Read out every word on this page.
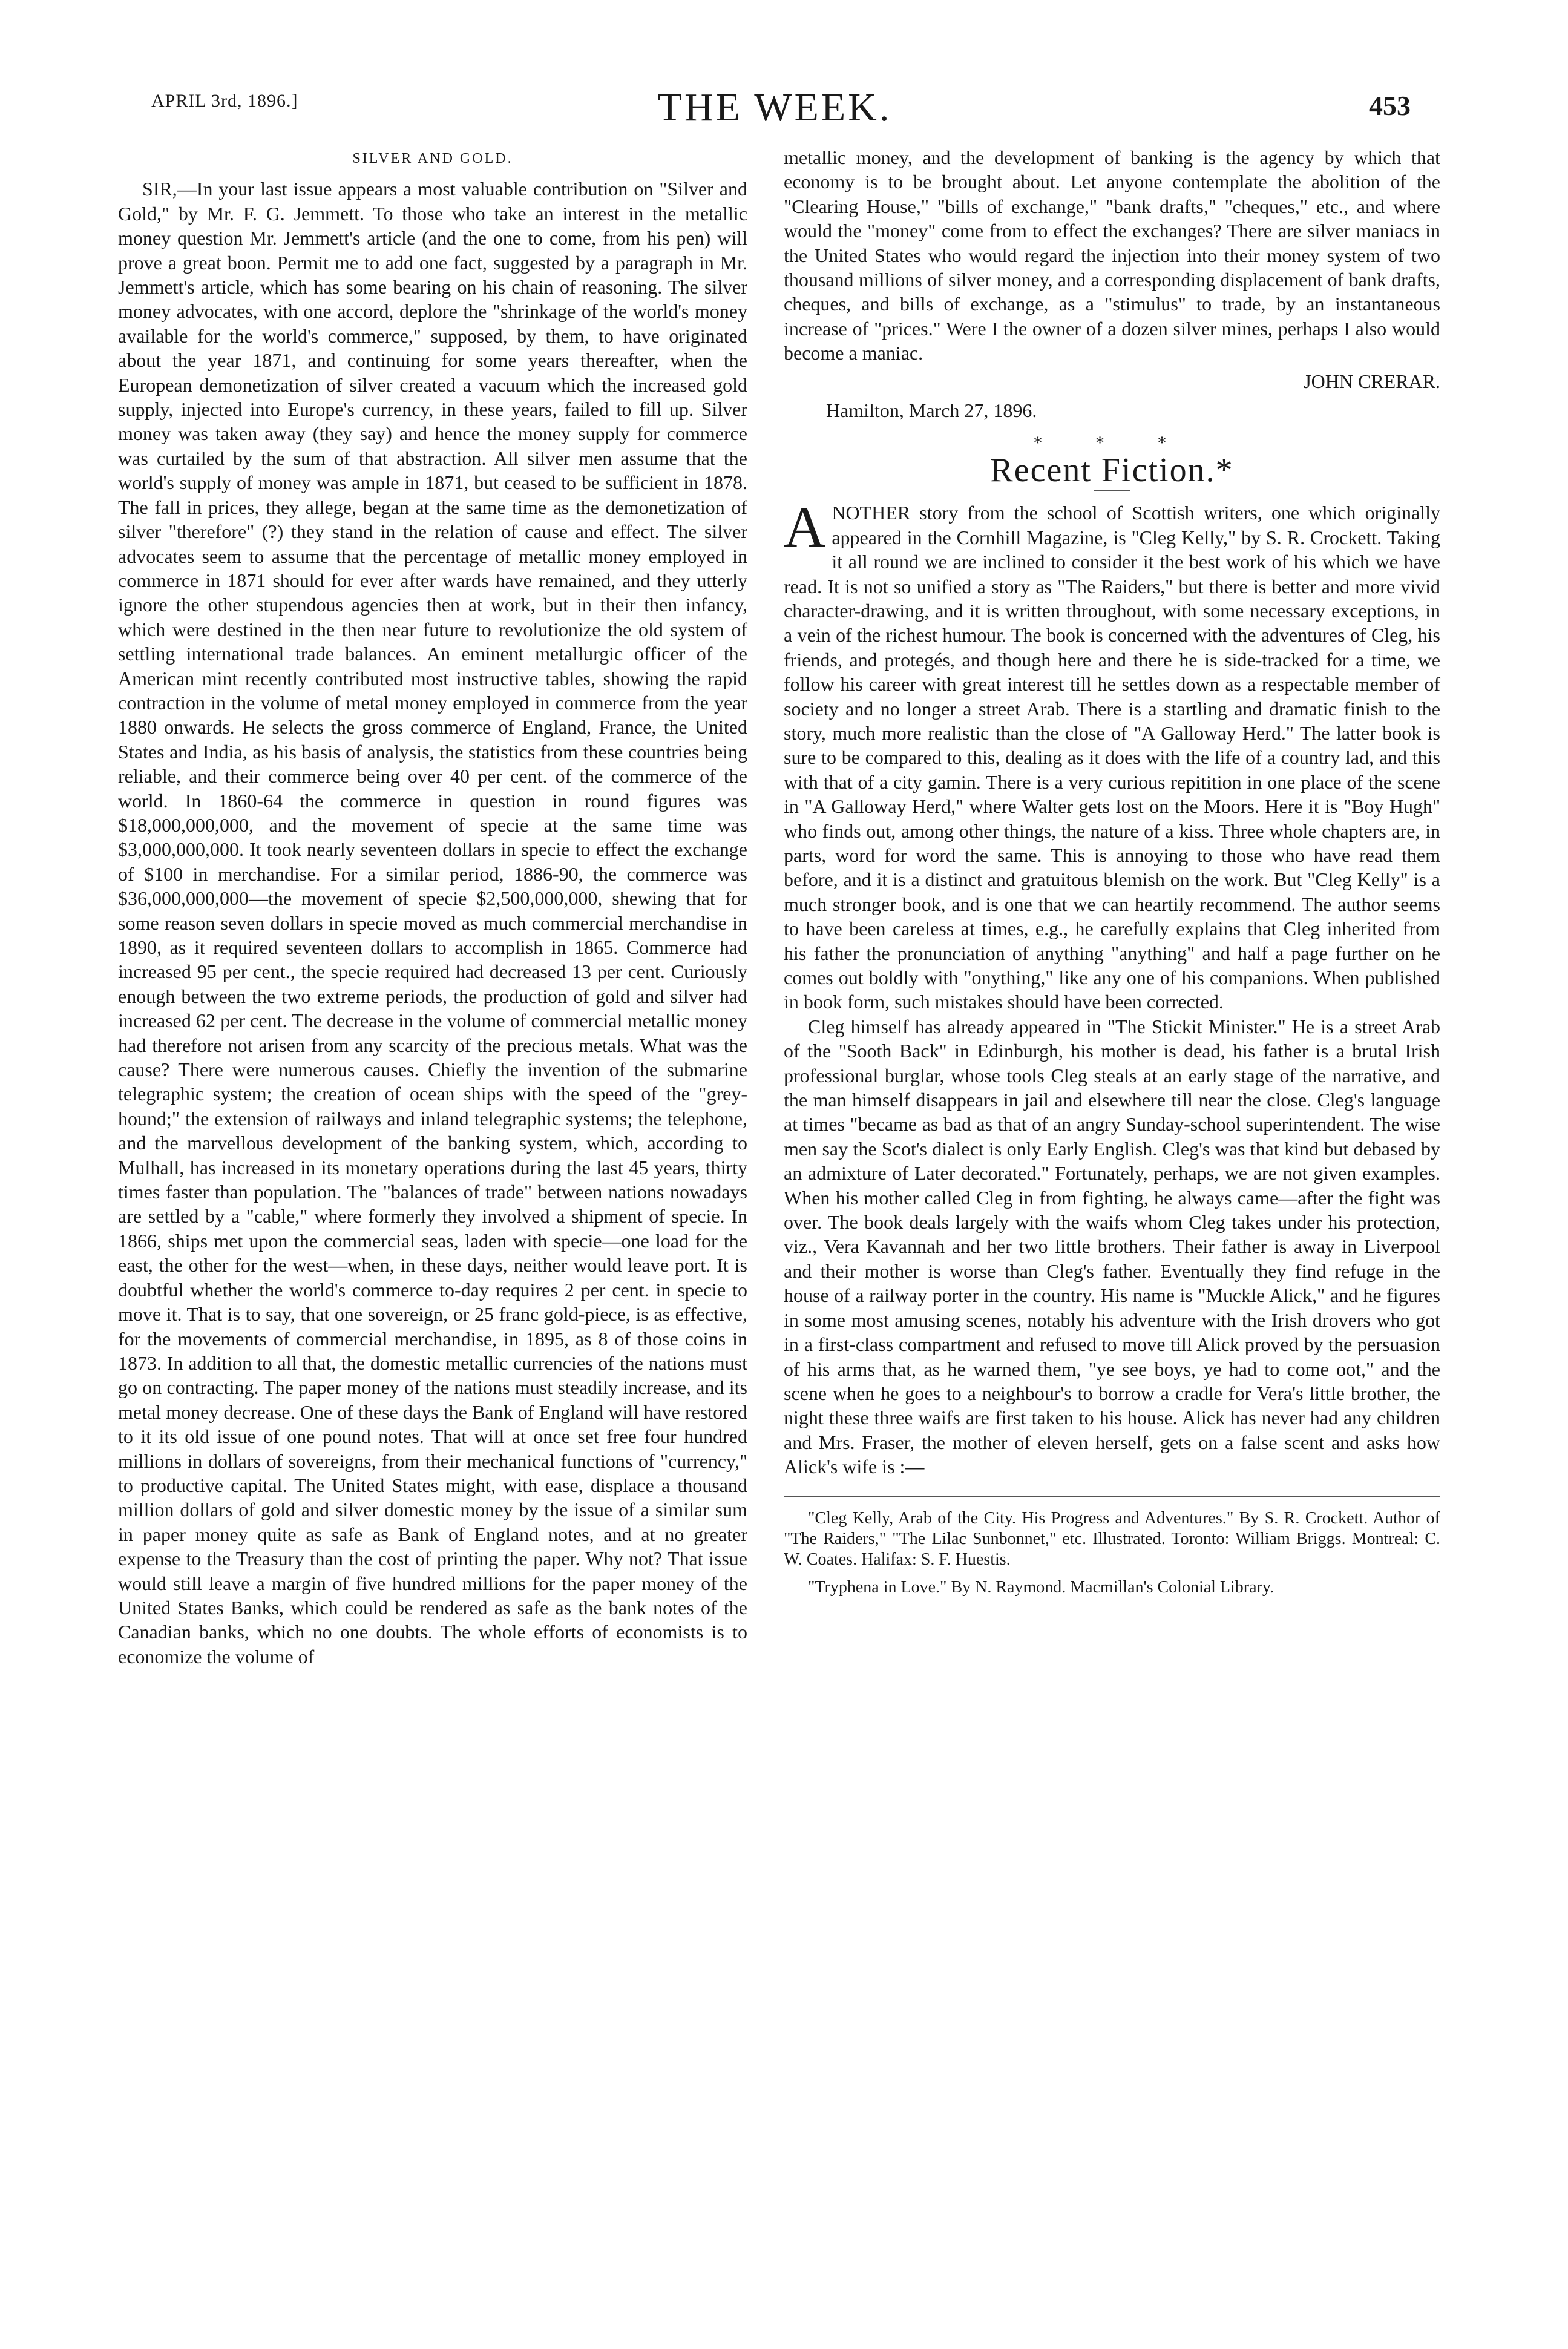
APRIL 3rd, 1896.]	THE WEEK.	453
SILVER AND GOLD.

SIR,—In your last issue appears a most valuable contribution on "Silver and Gold," by Mr. F. G. Jemmett. To those who take an interest in the metallic money question Mr. Jemmett's article (and the one to come, from his pen) will prove a great boon. Permit me to add one fact, suggested by a paragraph in Mr. Jemmett's article, which has some bearing on his chain of reasoning. The silver money advocates, with one accord, deplore the "shrinkage of the world's money available for the world's commerce," supposed, by them, to have originated about the year 1871, and continuing for some years thereafter, when the European demonetization of silver created a vacuum which the increased gold supply, injected into Europe's currency, in these years, failed to fill up. Silver money was taken away (they say) and hence the money supply for commerce was curtailed by the sum of that abstraction. All silver men assume that the world's supply of money was ample in 1871, but ceased to be sufficient in 1878. The fall in prices, they allege, began at the same time as the demonetization of silver "therefore" (?) they stand in the relation of cause and effect. The silver advocates seem to assume that the percentage of metallic money employed in commerce in 1871 should for ever after wards have remained, and they utterly ignore the other stupendous agencies then at work, but in their then infancy, which were destined in the then near future to revolutionize the old system of settling international trade balances. An eminent metallurgic officer of the American mint recently contributed most instructive tables, showing the rapid contraction in the volume of metal money employed in commerce from the year 1880 onwards. He selects the gross commerce of England, France, the United States and India, as his basis of analysis, the statistics from these countries being reliable, and their commerce being over 40 per cent. of the commerce of the world. In 1860-64 the commerce in question in round figures was $18,000,000,000, and the movement of specie at the same time was $3,000,000,000. It took nearly seventeen dollars in specie to effect the exchange of $100 in merchandise. For a similar period, 1886-90, the commerce was $36,000,000,000—the movement of specie $2,500,000,000, shewing that for some reason seven dollars in specie moved as much commercial merchandise in 1890, as it required seventeen dollars to accomplish in 1865. Commerce had increased 95 per cent., the specie required had decreased 13 per cent. Curiously enough between the two extreme periods, the production of gold and silver had increased 62 per cent. The decrease in the volume of commercial metallic money had therefore not arisen from any scarcity of the precious metals. What was the cause? There were numerous causes. Chiefly the invention of the submarine telegraphic system; the creation of ocean ships with the speed of the "grey-hound;" the extension of railways and inland telegraphic systems; the telephone, and the marvellous development of the banking system, which, according to Mulhall, has increased in its monetary operations during the last 45 years, thirty times faster than population. The "balances of trade" between nations nowadays are settled by a "cable," where formerly they involved a shipment of specie. In 1866, ships met upon the commercial seas, laden with specie—one load for the east, the other for the west—when, in these days, neither would leave port. It is doubtful whether the world's commerce to-day requires 2 per cent. in specie to move it. That is to say, that one sovereign, or 25 franc gold-piece, is as effective, for the movements of commercial merchandise, in 1895, as 8 of those coins in 1873. In addition to all that, the domestic metallic currencies of the nations must go on contracting. The paper money of the nations must steadily increase, and its metal money decrease. One of these days the Bank of England will have restored to it its old issue of one pound notes. That will at once set free four hundred millions in dollars of sovereigns, from their mechanical functions of "currency," to productive capital. The United States might, with ease, displace a thousand million dollars of gold and silver domestic money by the issue of a similar sum in paper money quite as safe as Bank of England notes, and at no greater expense to the Treasury than the cost of printing the paper. Why not? That issue would still leave a margin of five hundred millions for the paper money of the United States Banks, which could be rendered as safe as the bank notes of the Canadian banks, which no one doubts. The whole efforts of economists is to economize the volume of

metallic money, and the development of banking is the agency by which that economy is to be brought about. Let anyone contemplate the abolition of the "Clearing House," "bills of exchange," "bank drafts," "cheques," etc., and where would the "money" come from to effect the exchanges? There are silver maniacs in the United States who would regard the injection into their money system of two thousand millions of silver money, and a corresponding displacement of bank drafts, cheques, and bills of exchange, as a "stimulus" to trade, by an instantaneous increase of "prices." Were I the owner of a dozen silver mines, perhaps I also would become a maniac.

JOHN CRERAR.
Hamilton, March 27, 1896.
* * *
Recent Fiction.*

ANOTHER story from the school of Scottish writers, one which originally appeared in the Cornhill Magazine, is "Cleg Kelly," by S. R. Crockett. Taking it all round we are inclined to consider it the best work of his which we have read. It is not so unified a story as "The Raiders," but there is better and more vivid character-drawing, and it is written throughout, with some necessary exceptions, in a vein of the richest humour. The book is concerned with the adventures of Cleg, his friends, and protegés, and though here and there he is side-tracked for a time, we follow his career with great interest till he settles down as a respectable member of society and no longer a street Arab. There is a startling and dramatic finish to the story, much more realistic than the close of "A Galloway Herd." The latter book is sure to be compared to this, dealing as it does with the life of a country lad, and this with that of a city gamin. There is a very curious repitition in one place of the scene in "A Galloway Herd," where Walter gets lost on the Moors. Here it is "Boy Hugh" who finds out, among other things, the nature of a kiss. Three whole chapters are, in parts, word for word the same. This is annoying to those who have read them before, and it is a distinct and gratuitous blemish on the work. But "Cleg Kelly" is a much stronger book, and is one that we can heartily recommend. The author seems to have been careless at times, e.g., he carefully explains that Cleg inherited from his father the pronunciation of anything "anything" and half a page further on he comes out boldly with "onything," like any one of his companions. When published in book form, such mistakes should have been corrected.

Cleg himself has already appeared in "The Stickit Minister." He is a street Arab of the "Sooth Back" in Edinburgh, his mother is dead, his father is a brutal Irish professional burglar, whose tools Cleg steals at an early stage of the narrative, and the man himself disappears in jail and elsewhere till near the close. Cleg's language at times "became as bad as that of an angry Sunday-school superintendent. The wise men say the Scot's dialect is only Early English. Cleg's was that kind but debased by an admixture of Later decorated." Fortunately, perhaps, we are not given examples. When his mother called Cleg in from fighting, he always came—after the fight was over. The book deals largely with the waifs whom Cleg takes under his protection, viz., Vera Kavannah and her two little brothers. Their father is away in Liverpool and their mother is worse than Cleg's father. Eventually they find refuge in the house of a railway porter in the country. His name is "Muckle Alick," and he figures in some most amusing scenes, notably his adventure with the Irish drovers who got in a first-class compartment and refused to move till Alick proved by the persuasion of his arms that, as he warned them, "ye see boys, ye had to come oot," and the scene when he goes to a neighbour's to borrow a cradle for Vera's little brother, the night these three waifs are first taken to his house. Alick has never had any children and Mrs. Fraser, the mother of eleven herself, gets on a false scent and asks how Alick's wife is :—

"Cleg Kelly, Arab of the City. His Progress and Adventures." By S. R. Crockett. Author of "The Raiders," "The Lilac Sunbonnet," etc. Illustrated. Toronto: William Briggs. Montreal: C. W. Coates. Halifax: S. F. Huestis.

"Tryphena in Love." By N. Raymond. Macmillan's Colonial Library.
